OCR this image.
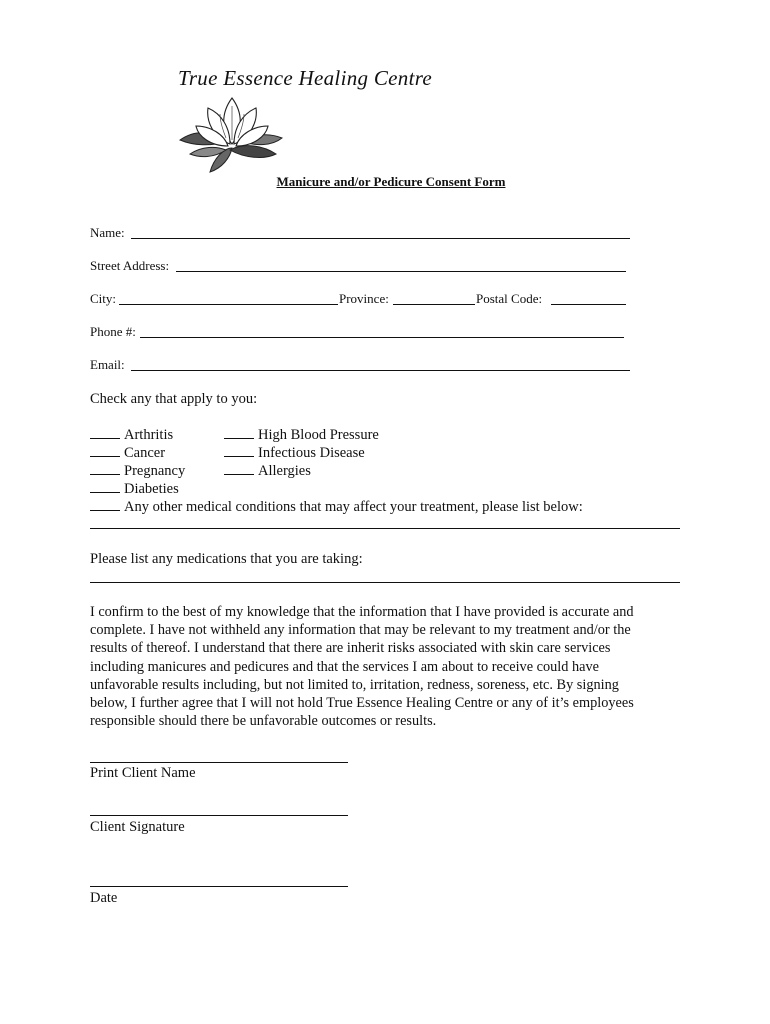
True Essence Healing Centre
Manicure and/or Pedicure Consent Form
Name:
Street Address:
City:	Province:	Postal Code:
Phone #:
Email:
Check any that apply to you:
Arthritis
Cancer
Pregnancy
Diabeties
High Blood Pressure
Infectious Disease
Allergies
Any other medical conditions that may affect your treatment, please list below:
Please list any medications that you are taking:

I confirm to the best of my knowledge that the information that I have provided is accurate and

complete. I have not withheld any information that may be relevant to my treatment and/or the

results of thereof. I understand that there are inherit risks associated with skin care services

including manicures and pedicures and that the services I am about to receive could have

unfavorable results including, but not limited to, irritation, redness, soreness, etc. By signing

below, I further agree that I will not hold True Essence Healing Centre or any of it’s employees

responsible should there be unfavorable outcomes or results.

Print Client Name
Client Signature
Date
